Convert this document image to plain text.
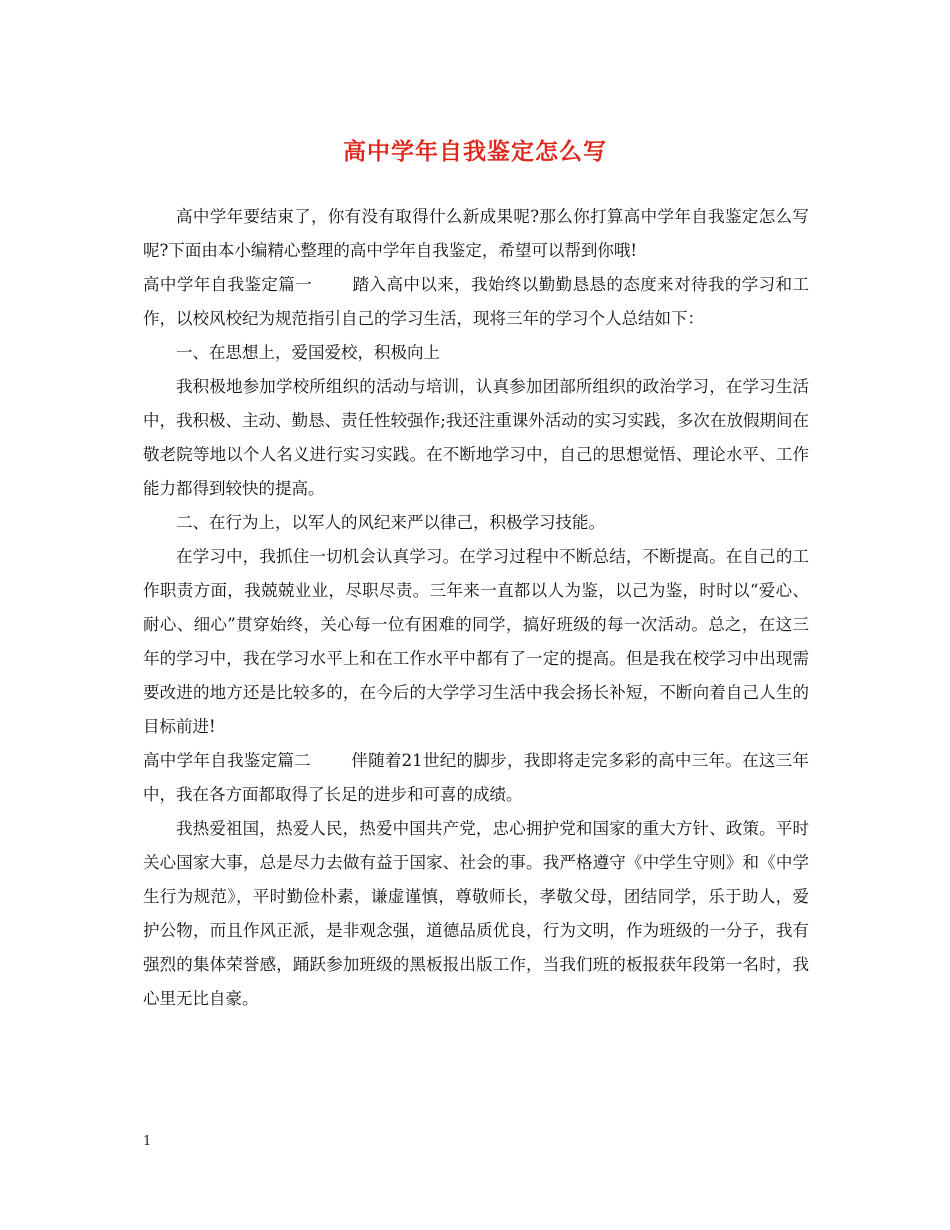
高中学年自我鉴定怎么写

高中学年要结束了，你有没有取得什么新成果呢?那么你打算高中学年自我鉴定怎么写呢?下面由本小编精心整理的高中学年自我鉴定，希望可以帮到你哦!

高中学年自我鉴定篇一 踏入高中以来，我始终以勤勤恳恳的态度来对待我的学习和工作，以校风校纪为规范指引自己的学习生活，现将三年的学习个人总结如下：

一、在思想上，爱国爱校，积极向上

我积极地参加学校所组织的活动与培训，认真参加团部所组织的政治学习，在学习生活中，我积极、主动、勤恳、责任性较强作;我还注重课外活动的实习实践，多次在放假期间在敬老院等地以个人名义进行实习实践。在不断地学习中，自己的思想觉悟、理论水平、工作能力都得到较快的提高。

二、在行为上，以军人的风纪来严以律己，积极学习技能。

在学习中，我抓住一切机会认真学习。在学习过程中不断总结，不断提高。在自己的工作职责方面，我兢兢业业，尽职尽责。三年来一直都以人为鉴，以己为鉴，时时以“爱心、耐心、细心”贯穿始终，关心每一位有困难的同学，搞好班级的每一次活动。总之，在这三年的学习中，我在学习水平上和在工作水平中都有了一定的提高。但是我在校学习中出现需要改进的地方还是比较多的，在今后的大学学习生活中我会扬长补短，不断向着自己人生的目标前进!

高中学年自我鉴定篇二 伴随着21世纪的脚步，我即将走完多彩的高中三年。在这三年中，我在各方面都取得了长足的进步和可喜的成绩。

我热爱祖国，热爱人民，热爱中国共产党，忠心拥护党和国家的重大方针、政策。平时关心国家大事，总是尽力去做有益于国家、社会的事。我严格遵守《中学生守则》和《中学生行为规范》，平时勤俭朴素，谦虚谨慎，尊敬师长，孝敬父母，团结同学，乐于助人，爱护公物，而且作风正派，是非观念强，道德品质优良，行为文明，作为班级的一分子，我有强烈的集体荣誉感，踊跃参加班级的黑板报出版工作，当我们班的板报获年段第一名时，我心里无比自豪。

1
